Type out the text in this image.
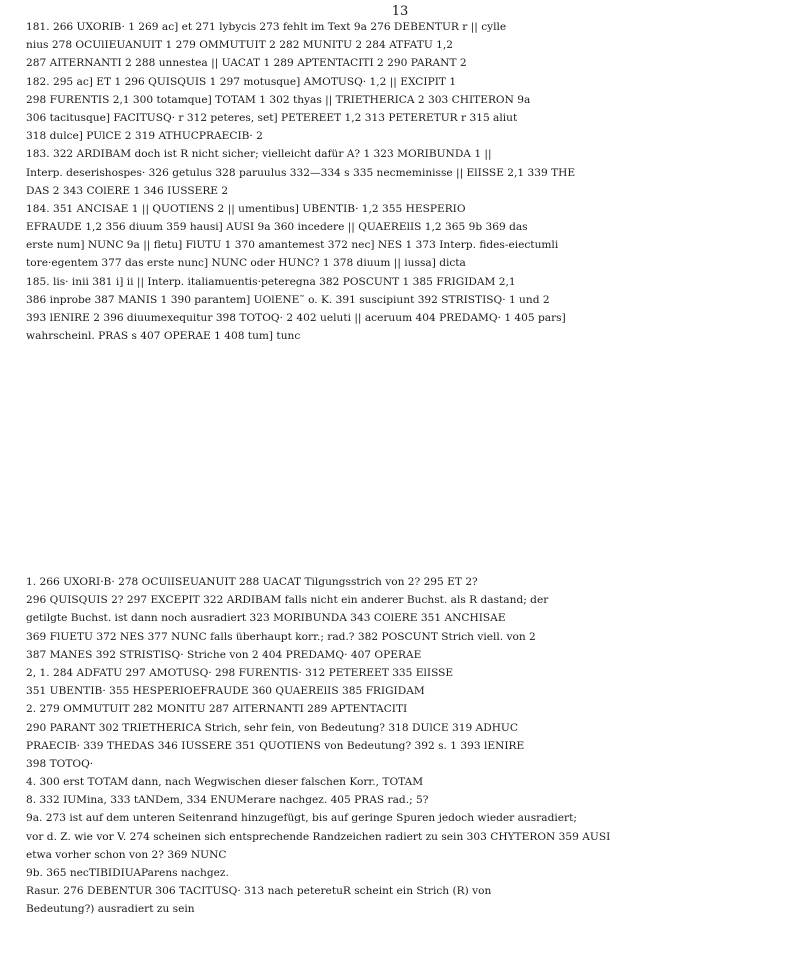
13
181. 266 UXORIB· 1 269 ac] et 271 lybycis 273 fehlt im Text 9a 276 DEBENTUR r || cylle
nius 278 OCUlIEUANUIT 1 279 OMMUTUIT 2 282 MUNITU 2 284 ATFATU 1,2
287 AITERNANTI 2 288 unnestea || UACAT 1 289 APTENTACITI 2 290 PARANT 2
182. 295 ac] ET 1 296 QUISQUIS 1 297 motusque] AMOTUSQ· 1,2 || EXCIPIT 1
298 FURENTIS 2,1 300 totamque] TOTAM 1 302 thyas || TRIETHERICA 2 303 CHITERON 9a
306 tacitusque] FACITUSQ· r 312 peteres, set] PETEREET 1,2 313 PETERETUR r 315 aliut
318 dulce] PUlCE 2 319 ATHUCPRAECIB· 2
183. 322 ARDIBAM doch ist R nicht sicher; vielleicht dafür A? 1 323 MORIBUNDA 1 ||
Interp. deserishospes· 326 getulus 328 paruulus 332—334 s 335 necmeminisse || ElISSE 2,1 339 THE
DAS 2 343 COlERE 1 346 IUSSERE 2
184. 351 ANCISAE 1 || QUOTIENS 2 || umentibus] UBENTIB· 1,2 355 HESPERIO
EFRAUDE 1,2 356 diuum 359 hausi] AUSI 9a 360 incedere || QUAERElIS 1,2 365 9b 369 das
erste num] NUNC 9a || fletu] FlUTU 1 370 amantemest 372 nec] NES 1 373 Interp. fides-eiectumli
tore·egentem 377 das erste nunc] NUNC oder HUNC? 1 378 diuum || iussa] dicta
185. lis· inii 381 i] ii || Interp. italiamuentis·peteregna 382 POSCUNT 1 385 FRIGIDAM 2,1
386 inprobe 387 MANIS 1 390 parantem] UOlENE˜ o. K. 391 suscipiunt 392 STRISTISQ· 1 und 2
393 lENIRE 2 396 diuumexequitur 398 TOTOQ· 2 402 ueluti || aceruum 404 PREDAMQ· 1 405 pars]
wahrscheinl. PRAS s 407 OPERAE 1 408 tum] tunc
1. 266 UXORI·B· 278 OCUlISEUANUIT 288 UACAT Tilgungsstrich von 2? 295 ET 2?
296 QUISQUIS 2? 297 EXCEPIT 322 ARDIBAM falls nicht ein anderer Buchst. als R dastand; der
getilgte Buchst. ist dann noch ausradiert 323 MORIBUNDA 343 COlERE 351 ANCHISAE
369 FlUETU 372 NES 377 NUNC falls überhaupt korr.; rad.? 382 POSCUNT Strich viell. von 2
387 MANES 392 STRISTISQ· Striche von 2 404 PREDAMQ· 407 OPERAE
2, 1. 284 ADFATU 297 AMOTUSQ· 298 FURENTIS· 312 PETEREET 335 ElISSE
351 UBENTIB· 355 HESPERIOEFRAUDE 360 QUAERElIS 385 FRIGIDAM
2. 279 OMMUTUIT 282 MONITU 287 AlTERNANTI 289 APTENTACITI
290 PARANT 302 TRIETHERICA Strich, sehr fein, von Bedeutung? 318 DUlCE 319 ADHUC
PRAECIB· 339 THEDAS 346 IUSSERE 351 QUOTIENS von Bedeutung? 392 s. 1 393 lENIRE
398 TOTOQ·
4. 300 erst TOTAM dann, nach Wegwischen dieser falschen Korr., TOTAM
8. 332 IUMina, 333 tANDem, 334 ENUMerare nachgez. 405 PRAS rad.; 5?
9a. 273 ist auf dem unteren Seitenrand hinzugefügt, bis auf geringe Spuren jedoch wieder ausradiert;
vor d. Z. wie vor V. 274 scheinen sich entsprechende Randzeichen radiert zu sein 303 CHYTERON 359 AUSI
etwa vorher schon von 2? 369 NUNC
9b. 365 necTIBIDIUAParens nachgez.
Rasur. 276 DEBENTUR 306 TACITUSQ· 313 nach peteretuR scheint ein Strich (R) von
Bedeutung?) ausradiert zu sein
